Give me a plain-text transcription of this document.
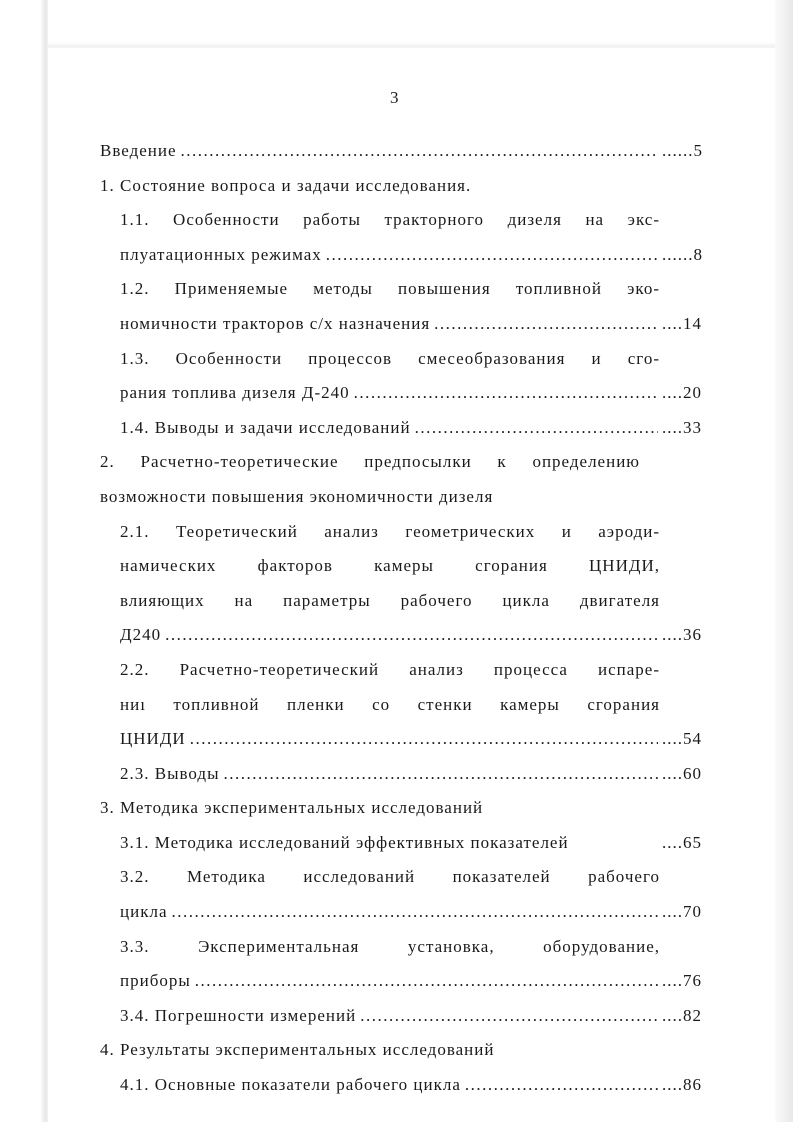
3
Введение .....	......5
1. Состояние вопроса и задачи исследования.
1.1. Особенности работы тракторного дизеля на экс-
плуатационных режимах .....	......8
1.2. Применяемые методы повышения топливной эко-
номичности тракторов с/х назначения .....	....14
1.3. Особенности процессов смесеобразования и сго-
рания топлива дизеля Д-240 .....	....20
1.4. Выводы и задачи исследований .....	....33
2. Расчетно-теоретические предпосылки к определению
возможности повышения экономичности дизеля
2.1. Теоретический анализ геометрических и аэроди-
намических факторов камеры сгорания ЦНИДИ,
влияющих на параметры рабочего цикла двигателя
Д240 .....	....36
2.2. Расчетно-теоретический анализ процесса испаре-
ниı топливной пленки со стенки камеры сгорания
ЦНИДИ .....	....54
2.3. Выводы .....	....60
3. Методика экспериментальных исследований
3.1. Методика исследований эффективных показателей	....65
3.2. Методика исследований показателей рабочего
цикла .....	....70
3.3. Экспериментальная установка, оборудование,
приборы .....	....76
3.4. Погрешности измерений .....	....82
4. Результаты экспериментальных исследований
4.1. Основные показатели рабочего цикла .....	....86
